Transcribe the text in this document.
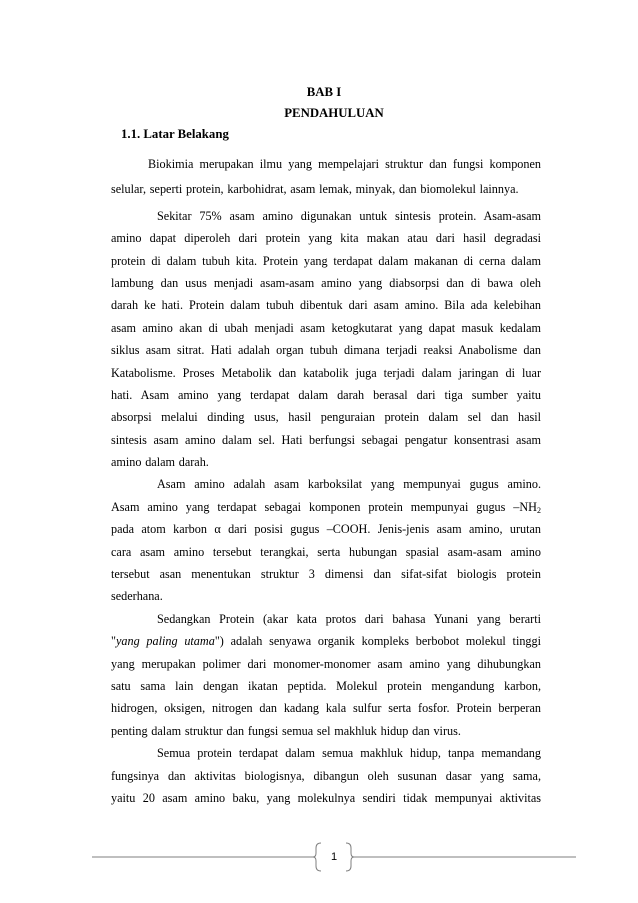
BAB I
PENDAHULUAN
1.1. Latar Belakang
Biokimia merupakan ilmu yang mempelajari struktur dan fungsi komponen
selular, seperti protein, karbohidrat, asam lemak, minyak, dan biomolekul lainnya.
Sekitar 75% asam amino digunakan untuk sintesis protein. Asam-asam
amino dapat diperoleh dari protein yang kita makan atau dari hasil degradasi
protein di dalam tubuh kita. Protein yang terdapat dalam makanan di cerna dalam
lambung dan usus menjadi asam-asam amino yang diabsorpsi dan di bawa oleh
darah ke hati. Protein dalam tubuh dibentuk dari asam amino. Bila ada kelebihan
asam amino akan di ubah menjadi asam ketogkutarat yang dapat masuk kedalam
siklus asam sitrat. Hati adalah organ tubuh dimana terjadi reaksi Anabolisme dan
Katabolisme. Proses Metabolik dan katabolik juga terjadi dalam jaringan di luar
hati. Asam amino yang terdapat dalam darah berasal dari tiga sumber yaitu
absorpsi melalui dinding usus, hasil penguraian protein dalam sel dan hasil
sintesis asam amino dalam sel. Hati berfungsi sebagai pengatur konsentrasi asam
amino dalam darah.
Asam amino adalah asam karboksilat yang mempunyai gugus amino.
Asam amino yang terdapat sebagai komponen protein mempunyai gugus $-NH_2$
pada atom karbon α dari posisi gugus –COOH. Jenis-jenis asam amino, urutan
cara asam amino tersebut terangkai, serta hubungan spasial asam-asam amino
tersebut asan menentukan struktur 3 dimensi dan sifat-sifat biologis protein
sederhana.
Sedangkan Protein (akar kata protos dari bahasa Yunani yang berarti
"yang paling utama") adalah senyawa organik kompleks berbobot molekul tinggi
yang merupakan polimer dari monomer-monomer asam amino yang dihubungkan
satu sama lain dengan ikatan peptida. Molekul protein mengandung karbon,
hidrogen, oksigen, nitrogen dan kadang kala sulfur serta fosfor. Protein berperan
penting dalam struktur dan fungsi semua sel makhluk hidup dan virus.
Semua protein terdapat dalam semua makhluk hidup, tanpa memandang
fungsinya dan aktivitas biologisnya, dibangun oleh susunan dasar yang sama,
yaitu 20 asam amino baku, yang molekulnya sendiri tidak mempunyai aktivitas
1
